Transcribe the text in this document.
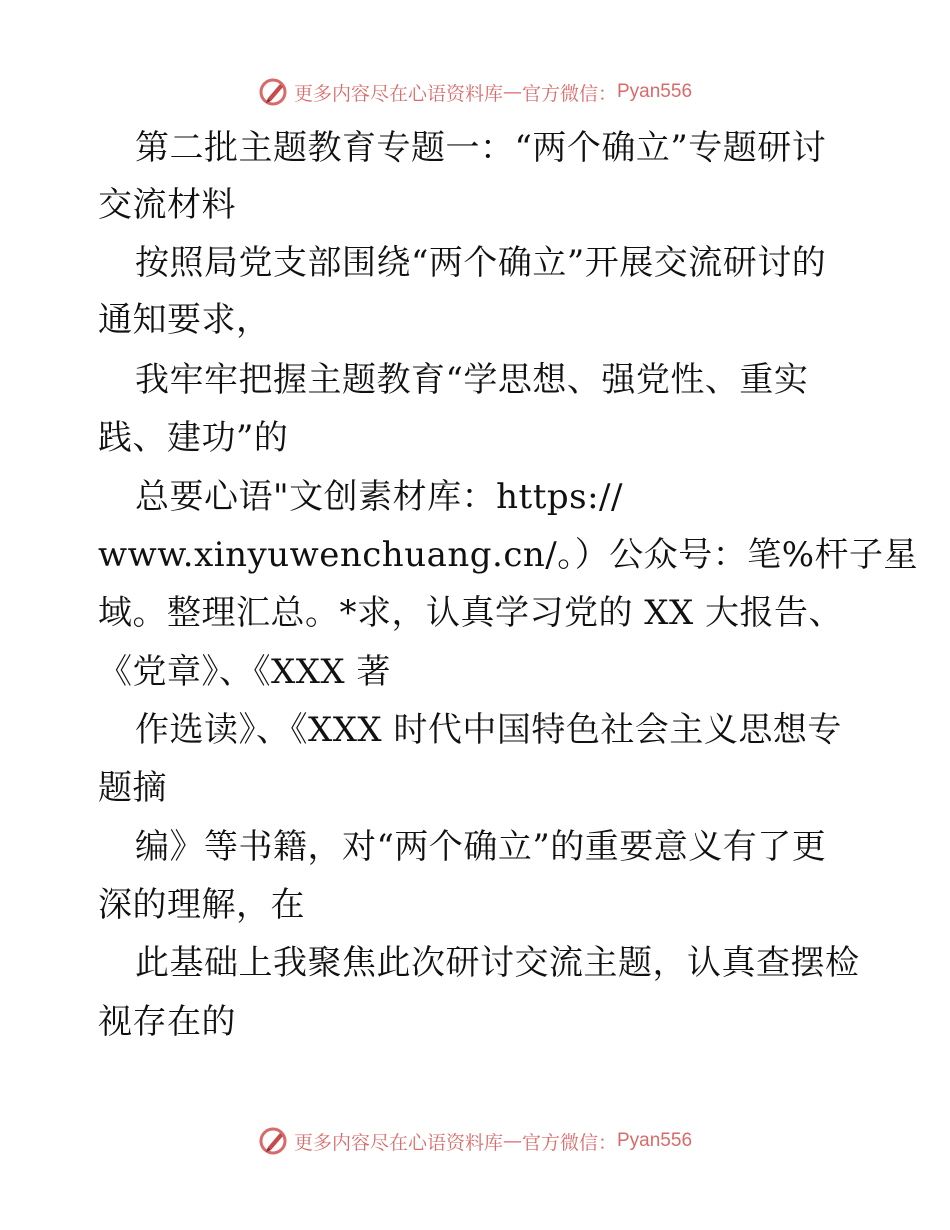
更多内容尽在心语资料库 — 官方微信： Pyan556
第二批主题教育专题一：“两个确立”专题研讨
交流材料
按照局党支部围绕“两个确立”开展交流研讨的
通知要求，
我牢牢把握主题教育“学思想、强党性、重实
践、建功”的
总要心语"文创素材库：https://
www.xinyuwenchuang.cn/。）公众号：笔%杆子星
域。整理汇总。*求，认真学习党的 XX 大报告、
《党章》、《XXX 著
作选读》、《XXX 时代中国特色社会主义思想专
题摘
编》等书籍，对“两个确立”的重要意义有了更
深的理解，在
此基础上我聚焦此次研讨交流主题，认真查摆检
视存在的
更多内容尽在心语资料库 — 官方微信： Pyan556
